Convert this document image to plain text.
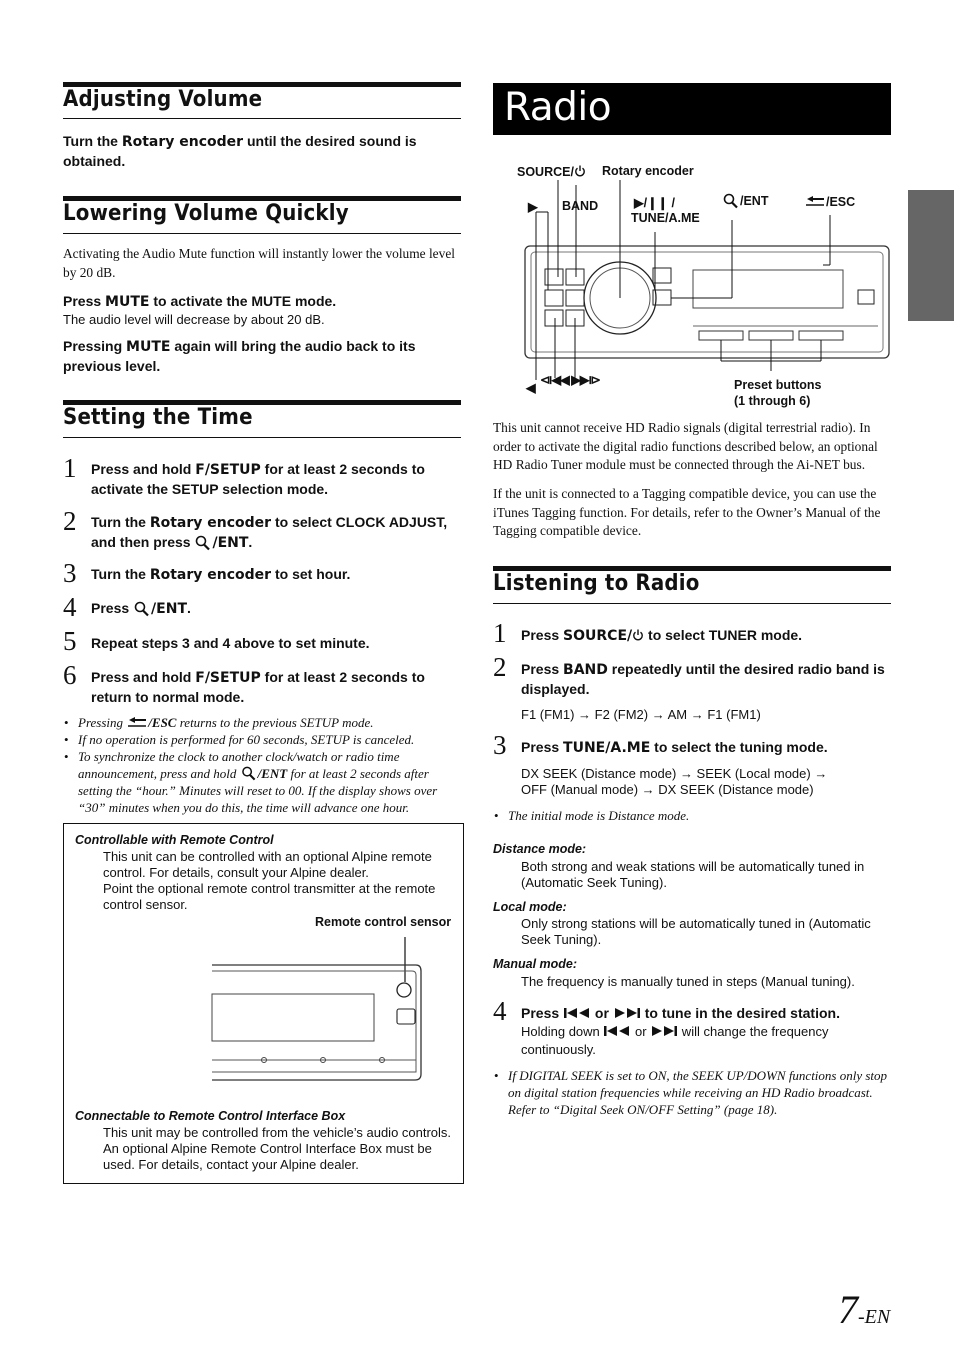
Adjusting Volume
Turn the Rotary encoder until the desired sound is obtained.
Lowering Volume Quickly
Activating the Audio Mute function will instantly lower the volume level by 20 dB.
Press MUTE to activate the MUTE mode.
The audio level will decrease by about 20 dB.
Pressing MUTE again will bring the audio back to its previous level.
Setting the Time
1 Press and hold F/SETUP for at least 2 seconds to activate the SETUP selection mode.
2 Turn the Rotary encoder to select CLOCK ADJUST, and then press /ENT.
3 Turn the Rotary encoder to set hour.
4 Press /ENT.
5 Repeat steps 3 and 4 above to set minute.
6 Press and hold F/SETUP for at least 2 seconds to return to normal mode.
• Pressing /ESC returns to the previous SETUP mode.
• If no operation is performed for 60 seconds, SETUP is canceled.
• To synchronize the clock to another clock/watch or radio time announcement, press and hold /ENT for at least 2 seconds after setting the “hour.” Minutes will reset to 00. If the display shows over “30” minutes when you do this, the time will advance one hour.
Controllable with Remote Control
This unit can be controlled with an optional Alpine remote control. For details, consult your Alpine dealer.
Point the optional remote control transmitter at the remote control sensor.
Remote control sensor
Connectable to Remote Control Interface Box
This unit may be controlled from the vehicle’s audio controls. An optional Alpine Remote Control Interface Box must be used. For details, contact your Alpine dealer.
Radio
SOURCE/	Rotary encoder
▶ BAND	▶/❙❙ /
TUNE/A.ME
/ENT	/ESC
◀
⧏◀◀ ▶▶⧐	Preset buttons
(1 through 6)
This unit cannot receive HD Radio signals (digital terrestrial radio). In order to activate the digital radio functions described below, an optional HD Radio Tuner module must be connected through the Ai-NET bus.
If the unit is connected to a Tagging compatible device, you can use the iTunes Tagging function. For details, refer to the Owner’s Manual of the Tagging compatible device.
Listening to Radio
1 Press SOURCE/ to select TUNER mode.
2 Press BAND repeatedly until the desired radio band is displayed.
F1 (FM1) → F2 (FM2) → AM → F1 (FM1)
3 Press TUNE/A.ME to select the tuning mode.
DX SEEK (Distance mode) → SEEK (Local mode) →
OFF (Manual mode) → DX SEEK (Distance mode)
• The initial mode is Distance mode.
Distance mode:
Both strong and weak stations will be automatically tuned in (Automatic Seek Tuning).
Local mode:
Only strong stations will be automatically tuned in (Automatic Seek Tuning).
Manual mode:
The frequency is manually tuned in steps (Manual tuning).
4 Press  or  to tune in the desired station.
Holding down  or  will change the frequency continuously.
• If DIGITAL SEEK is set to ON, the SEEK UP/DOWN functions only stop on digital station frequencies while receiving an HD Radio broadcast. Refer to “Digital Seek ON/OFF Setting” (page 18).
7-EN
